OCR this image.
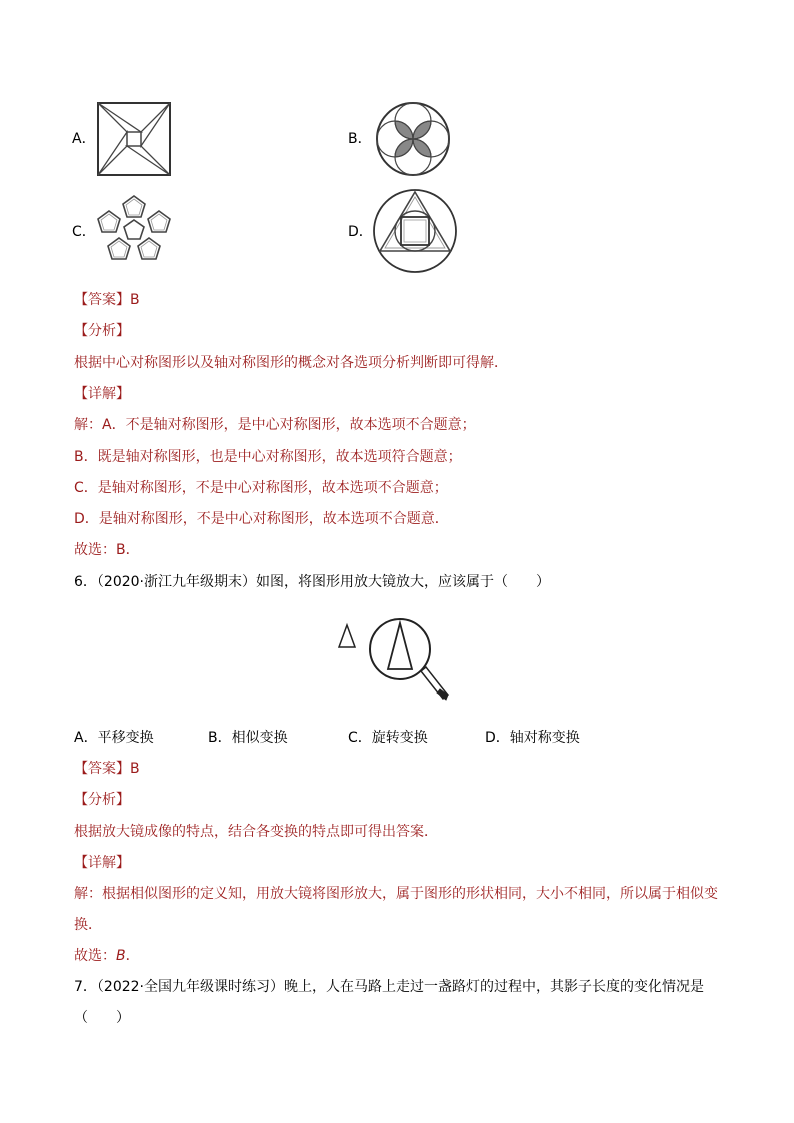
A．	B．
C．	D．
【答案】B
【分析】
根据中心对称图形以及轴对称图形的概念对各选项分析判断即可得解．
【详解】
解：A．不是轴对称图形，是中心对称图形，故本选项不合题意；
B．既是轴对称图形，也是中心对称图形，故本选项符合题意；
C．是轴对称图形，不是中心对称图形，故本选项不合题意；
D．是轴对称图形，不是中心对称图形，故本选项不合题意．
故选：B．
6．（2020·浙江九年级期末）如图，将图形用放大镜放大，应该属于（　　）
A．平移变换	B．相似变换	C．旋转变换	D．轴对称变换
【答案】B
【分析】
根据放大镜成像的特点，结合各变换的特点即可得出答案．
【详解】
解：根据相似图形的定义知，用放大镜将图形放大，属于图形的形状相同，大小不相同，所以属于相似变
换．
故选：B．
7．（2022·全国九年级课时练习）晚上，人在马路上走过一盏路灯的过程中，其影子长度的变化情况是
（　　）
